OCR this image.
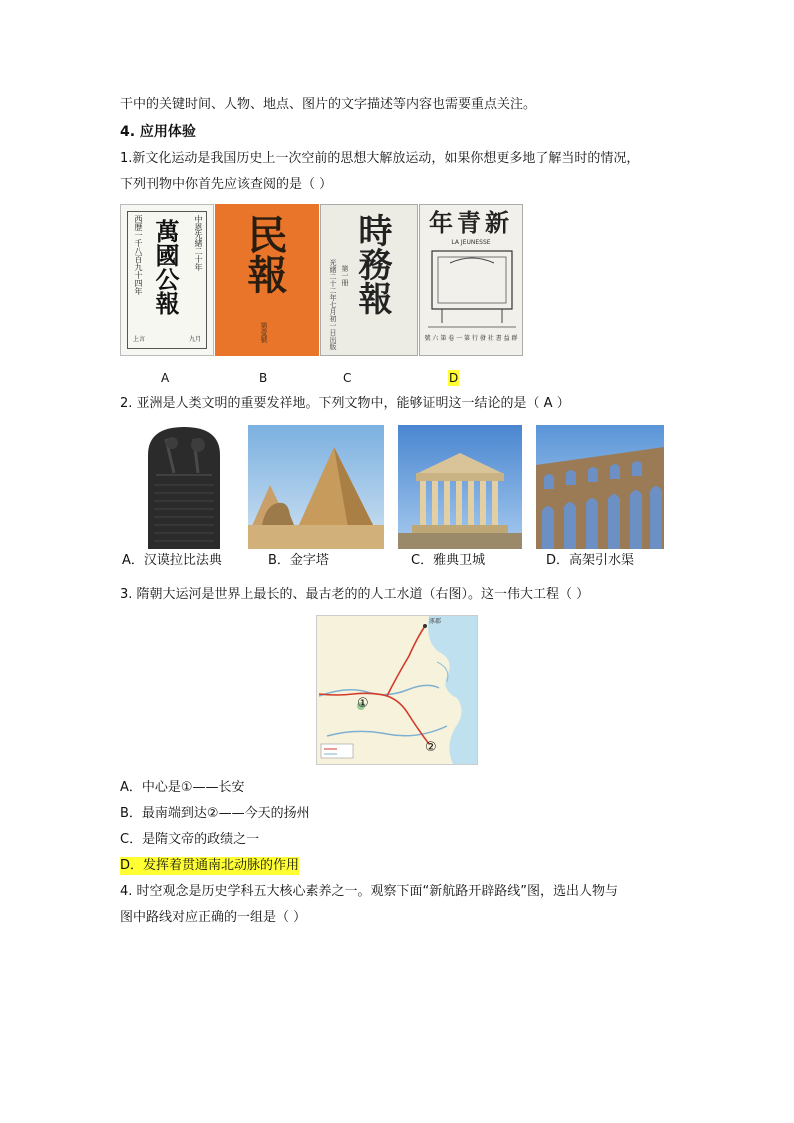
干中的关键时间、人物、地点、图片的文字描述等内容也需要重点关注。
4. 应用体验
1.新文化运动是我国历史上一次空前的思想大解放运动，如果你想更多地了解当时的情况，
下列刊物中你首先应该查阅的是（ ）
萬國公報 中恩先緒二十年
西歷一千八百九十四年
上言	九月
民報
第壹號
時務報
光緒二十二年七月初一日出版 第一冊
新青年
LA JEUNESSE
號 六 第 卷 一 第 行 發 社 書 益 群
A	B	C	D
2. 亚洲是人类文明的重要发祥地。下列文物中，能够证明这一结论的是（ A ）
A．汉谟拉比法典	B．金字塔	C．雅典卫城	D．高架引水渠
3. 隋朝大运河是世界上最长的、最古老的的人工水道（右图）。这一伟大工程（ ）
涿郡
①
②
A．中心是①——长安
B．最南端到达②——今天的扬州
C．是隋文帝的政绩之一
D．发挥着贯通南北动脉的作用
4. 时空观念是历史学科五大核心素养之一。观察下面“新航路开辟路线”图，选出人物与
图中路线对应正确的一组是（ ）
